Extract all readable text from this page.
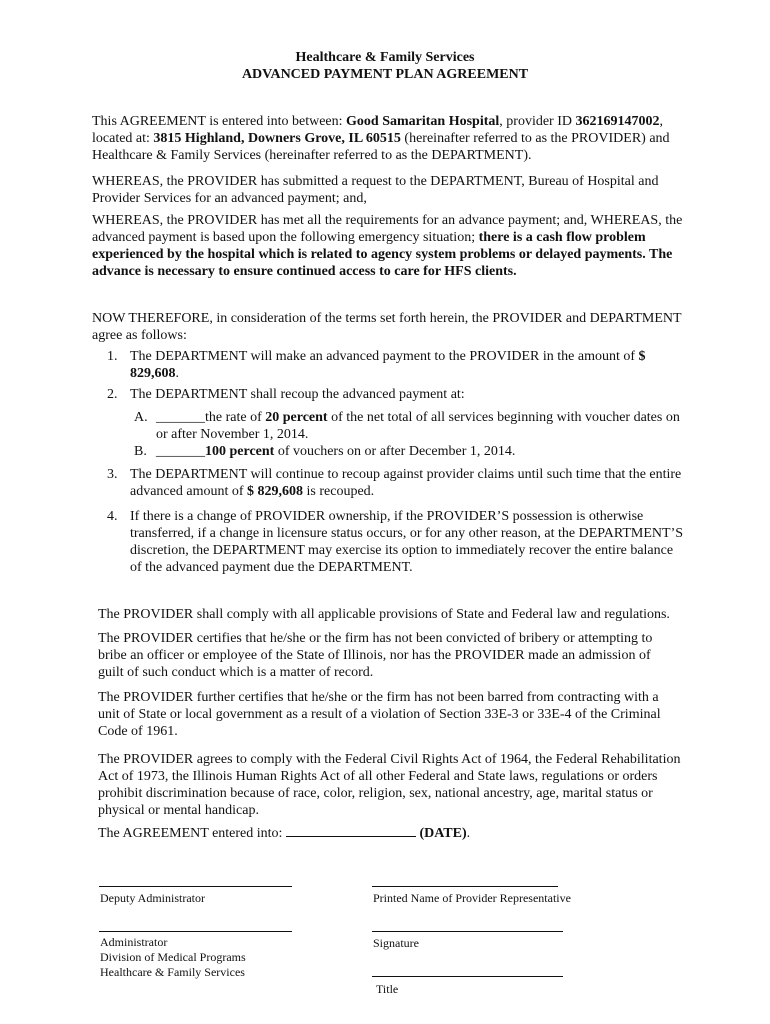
Healthcare & Family Services
ADVANCED PAYMENT PLAN AGREEMENT

This AGREEMENT is entered into between: Good Samaritan Hospital, provider ID 362169147002, located at: 3815 Highland, Downers Grove, IL 60515 (hereinafter referred to as the PROVIDER) and Healthcare & Family Services (hereinafter referred to as the DEPARTMENT).

WHEREAS, the PROVIDER has submitted a request to the DEPARTMENT, Bureau of Hospital and Provider Services for an advanced payment; and,

WHEREAS, the PROVIDER has met all the requirements for an advance payment; and, WHEREAS, the advanced payment is based upon the following emergency situation; there is a cash flow problem experienced by the hospital which is related to agency system problems or delayed payments. The advance is necessary to ensure continued access to care for HFS clients.

NOW THEREFORE, in consideration of the terms set forth herein, the PROVIDER and DEPARTMENT agree as follows:

1. The DEPARTMENT will make an advanced payment to the PROVIDER in the amount of $ 829,608.
2. The DEPARTMENT shall recoup the advanced payment at:
A. _______the rate of 20 percent of the net total of all services beginning with voucher dates on or after November 1, 2014.
B. _______100 percent of vouchers on or after December 1, 2014.
3. The DEPARTMENT will continue to recoup against provider claims until such time that the entire advanced amount of $ 829,608 is recouped.
4. If there is a change of PROVIDER ownership, if the PROVIDER’S possession is otherwise transferred, if a change in licensure status occurs, or for any other reason, at the DEPARTMENT’S discretion, the DEPARTMENT may exercise its option to immediately recover the entire balance of the advanced payment due the DEPARTMENT.

The PROVIDER shall comply with all applicable provisions of State and Federal law and regulations.

The PROVIDER certifies that he/she or the firm has not been convicted of bribery or attempting to bribe an officer or employee of the State of Illinois, nor has the PROVIDER made an admission of guilt of such conduct which is a matter of record.

The PROVIDER further certifies that he/she or the firm has not been barred from contracting with a unit of State or local government as a result of a violation of Section 33E-3 or 33E-4 of the Criminal Code of 1961.

The PROVIDER agrees to comply with the Federal Civil Rights Act of 1964, the Federal Rehabilitation Act of 1973, the Illinois Human Rights Act of all other Federal and State laws, regulations or orders prohibit discrimination because of race, color, religion, sex, national ancestry, age, marital status or physical or mental handicap.

The AGREEMENT entered into:	(DATE).

Deputy Administrator	Printed Name of Provider Representative
Administrator
Division of Medical Programs
Healthcare & Family Services
Signature
Title
